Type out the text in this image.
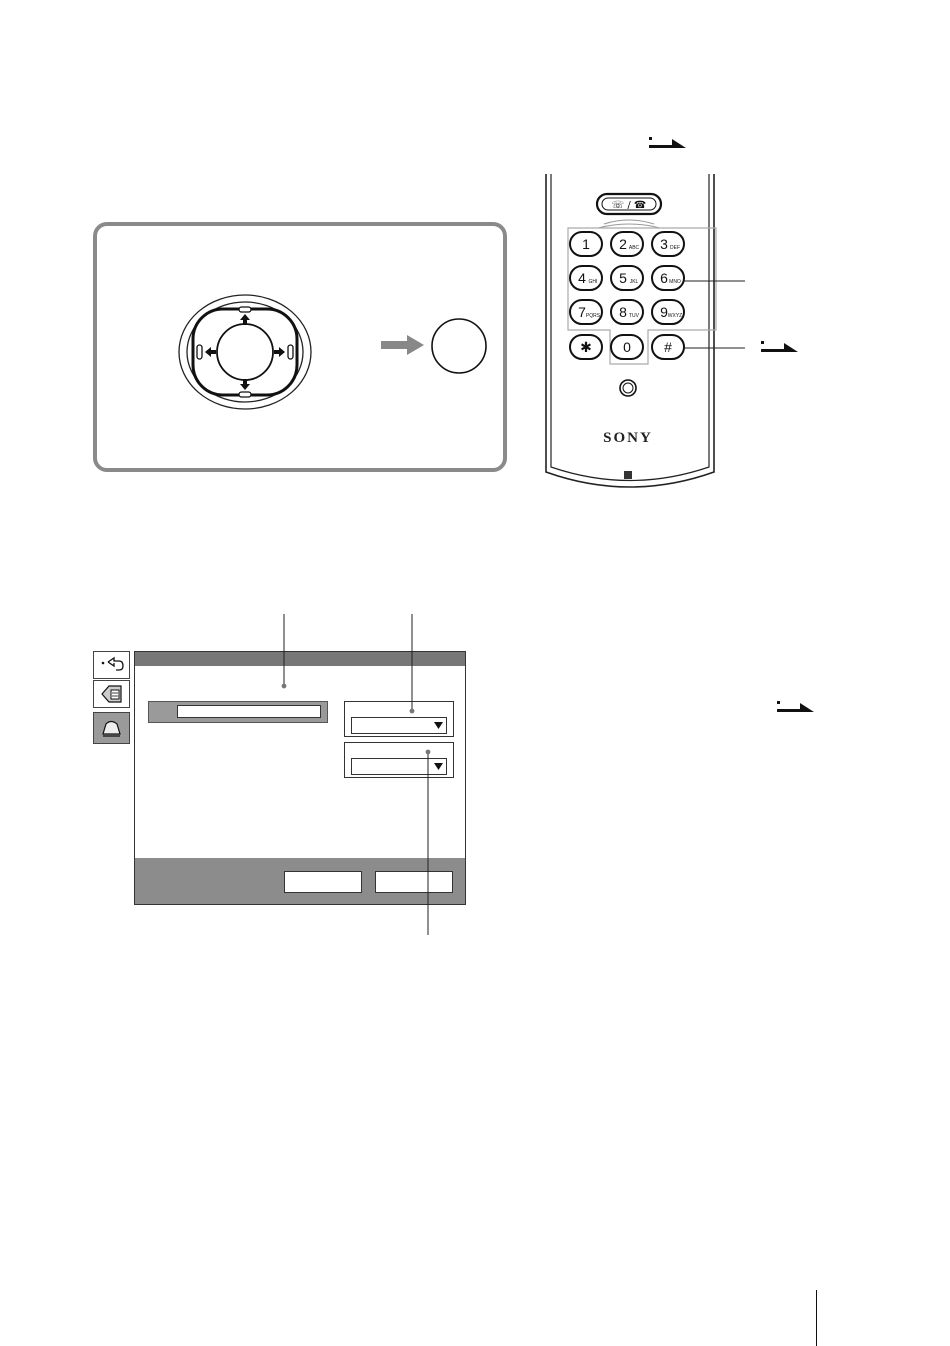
☏ / ☎
1 2 ABC 3 DEF
4 GHI 5 JKL 6 MNO
7 PQRS 8 TUV 9 WXYZ
✱ 0 #
SONY
